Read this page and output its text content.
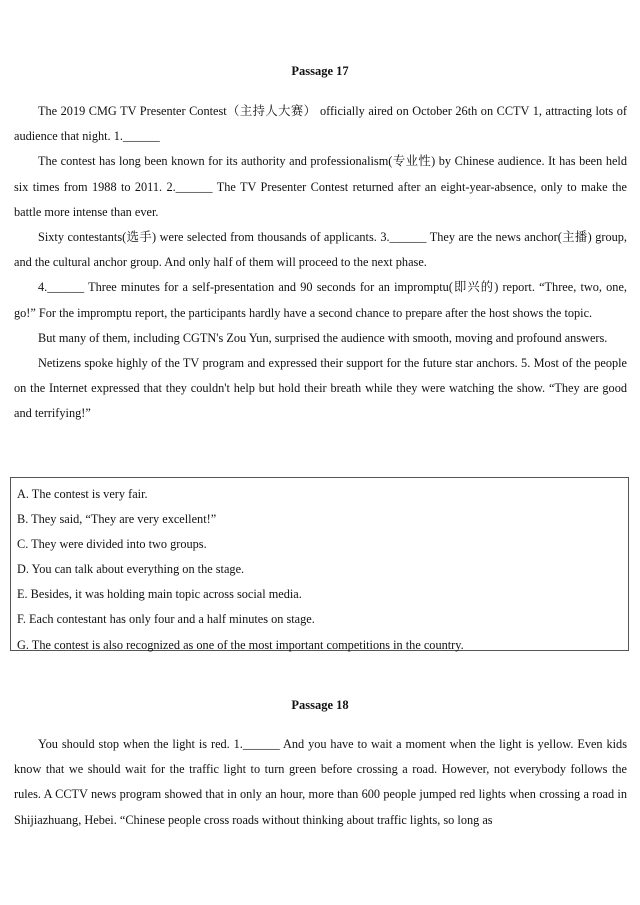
Passage 17

The 2019 CMG TV Presenter Contest（主持人大赛） officially aired on October 26th on CCTV 1, attracting lots of audience that night. 1.______

The contest has long been known for its authority and professionalism(专业性) by Chinese audience. It has been held six times from 1988 to 2011. 2.______ The TV Presenter Contest returned after an eight-year-absence, only to make the battle more intense than ever.

Sixty contestants(选手) were selected from thousands of applicants. 3.______ They are the news anchor(主播) group, and the cultural anchor group. And only half of them will proceed to the next phase.

4.______ Three minutes for a self-presentation and 90 seconds for an impromptu(即兴的) report. “Three, two, one, go!” For the impromptu report, the participants hardly have a second chance to prepare after the host shows the topic.

But many of them, including CGTN's Zou Yun, surprised the audience with smooth, moving and profound answers.

Netizens spoke highly of the TV program and expressed their support for the future star anchors. 5. Most of the people on the Internet expressed that they couldn't help but hold their breath while they were watching the show. “They are good and terrifying!”

A. The contest is very fair.
B. They said, “They are very excellent!”
C. They were divided into two groups.
D. You can talk about everything on the stage.
E. Besides, it was holding main topic across social media.
F. Each contestant has only four and a half minutes on stage.
G. The contest is also recognized as one of the most important competitions in the country.
Passage 18

You should stop when the light is red. 1.______ And you have to wait a moment when the light is yellow. Even kids know that we should wait for the traffic light to turn green before crossing a road. However, not everybody follows the rules. A CCTV news program showed that in only an hour, more than 600 people jumped red lights when crossing a road in Shijiazhuang, Hebei. “Chinese people cross roads without thinking about traffic lights, so long as
